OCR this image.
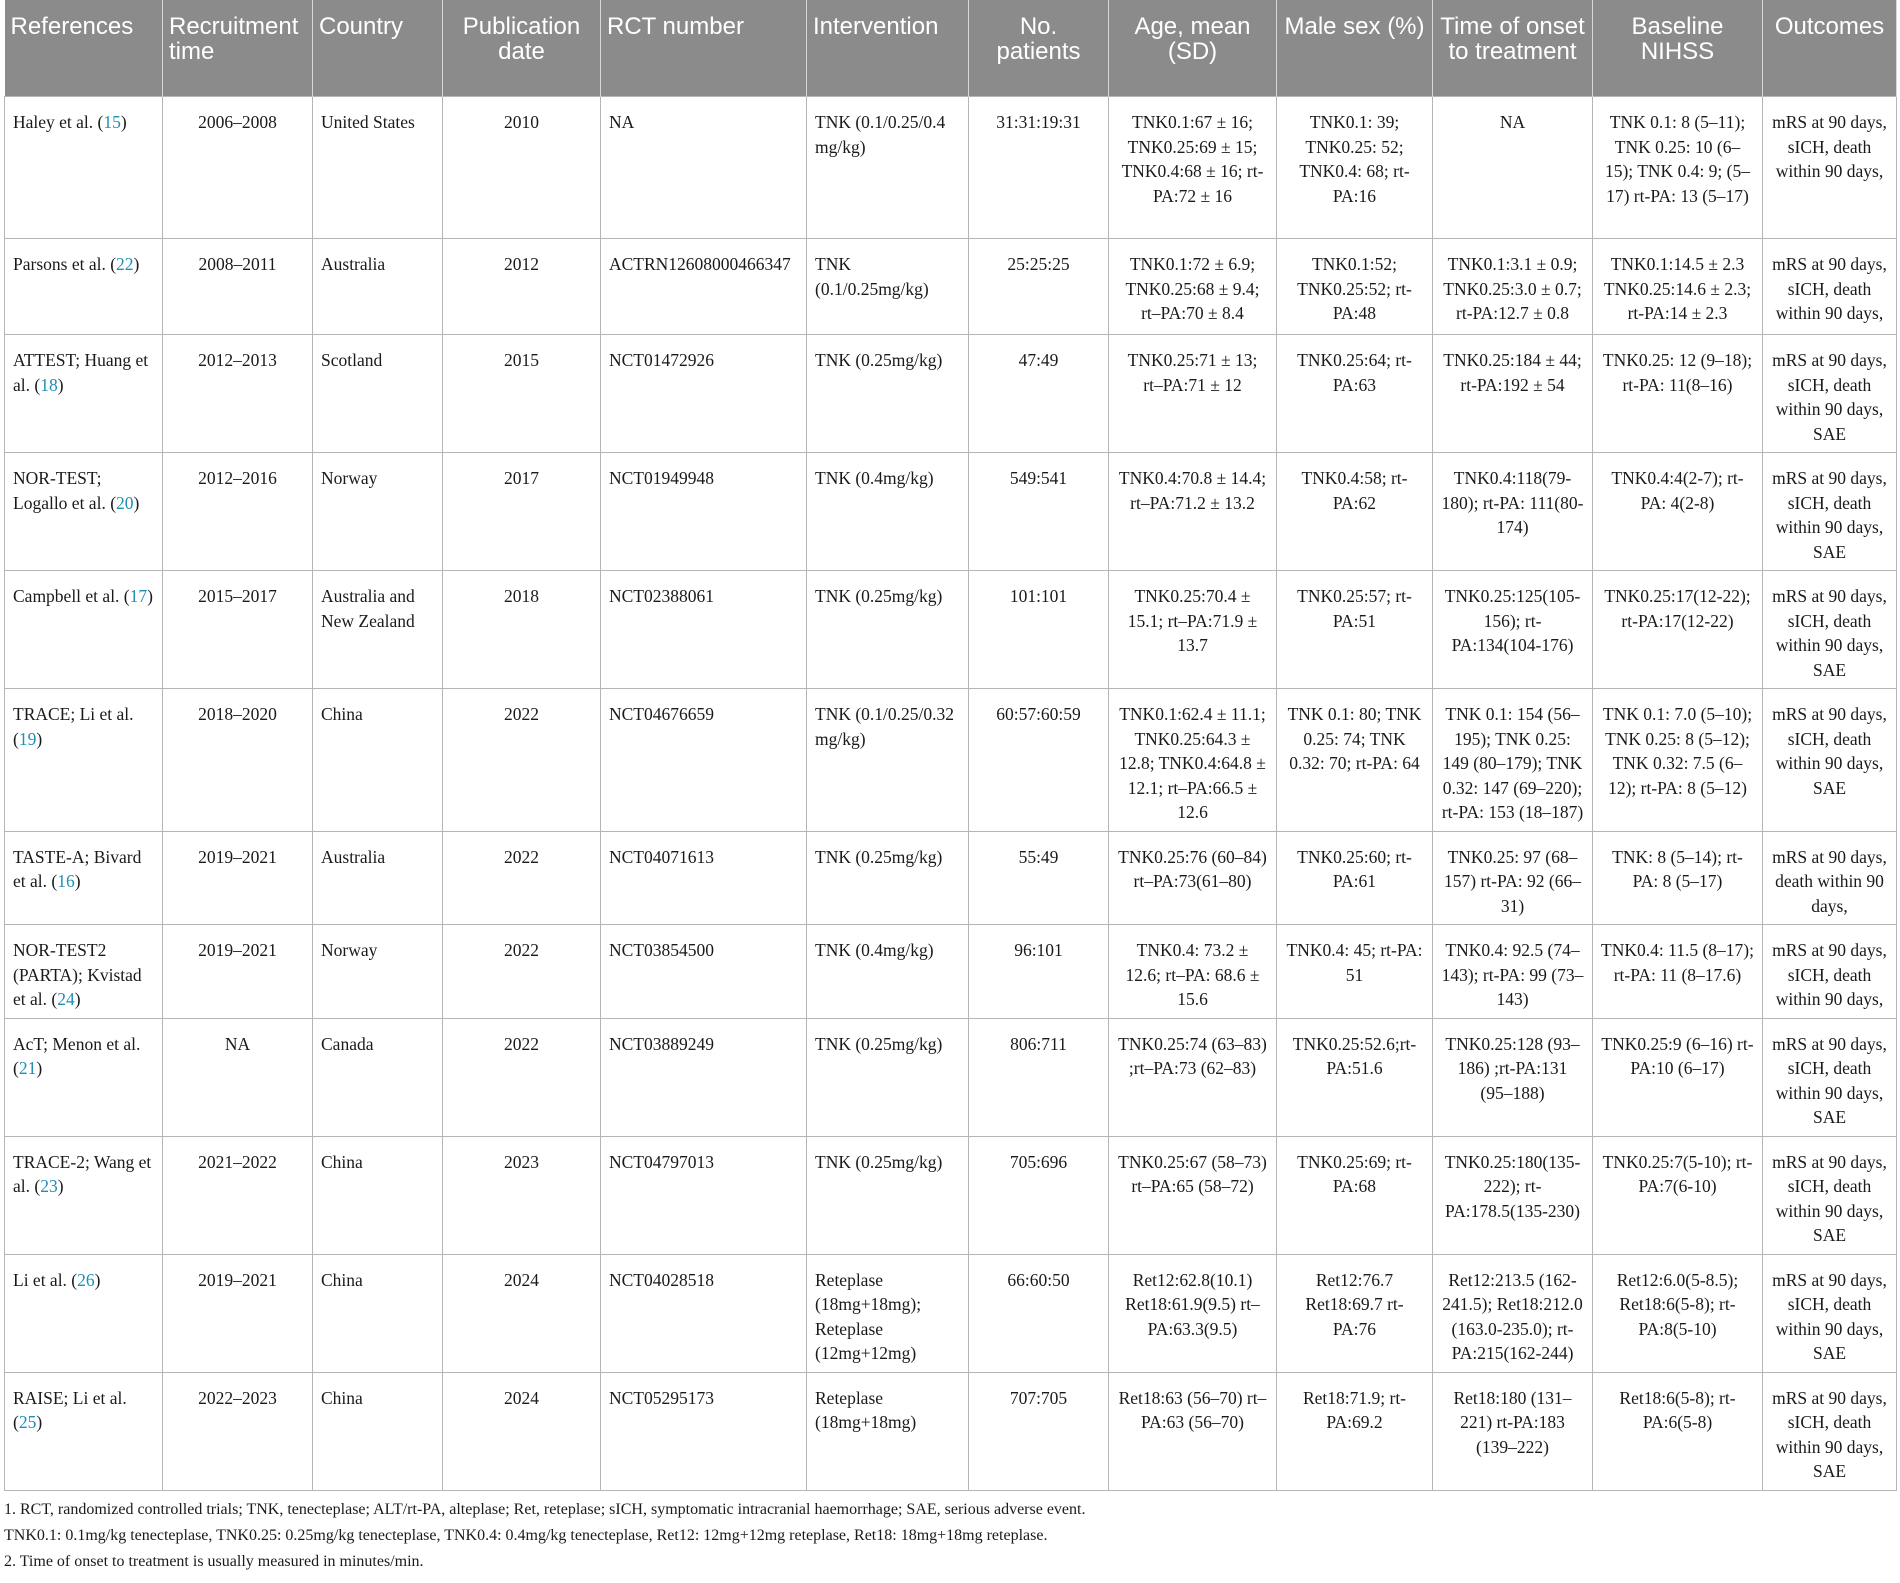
References	Recruitment time	Country	Publication date	RCT number	Intervention	No. patients	Age, mean (SD)	Male sex (%)	Time of onset to treatment	Baseline NIHSS	Outcomes
Haley et al. (15)	2006–2008	United States	2010	NA	TNK (0.1/0.25/0.4 mg/kg)	31:31:19:31	TNK0.1:67 ± 16; TNK0.25:69 ± 15; TNK0.4:68 ± 16; rt-PA:72 ± 16	TNK0.1: 39; TNK0.25: 52; TNK0.4: 68; rt-PA:16	NA	TNK 0.1: 8 (5–11); TNK 0.25: 10 (6–15); TNK 0.4: 9; (5–17) rt-PA: 13 (5–17)	mRS at 90 days, sICH, death within 90 days,
Parsons et al. (22)	2008–2011	Australia	2012	ACTRN12608000466347	TNK (0.1/0.25mg/kg)	25:25:25	TNK0.1:72 ± 6.9; TNK0.25:68 ± 9.4; rt–PA:70 ± 8.4	TNK0.1:52; TNK0.25:52; rt-PA:48	TNK0.1:3.1 ± 0.9; TNK0.25:3.0 ± 0.7; rt-PA:12.7 ± 0.8	TNK0.1:14.5 ± 2.3 TNK0.25:14.6 ± 2.3; rt-PA:14 ± 2.3	mRS at 90 days, sICH, death within 90 days,
ATTEST; Huang et al. (18)	2012–2013	Scotland	2015	NCT01472926	TNK (0.25mg/kg)	47:49	TNK0.25:71 ± 13; rt–PA:71 ± 12	TNK0.25:64; rt-PA:63	TNK0.25:184 ± 44; rt-PA:192 ± 54	TNK0.25: 12 (9–18); rt-PA: 11(8–16)	mRS at 90 days, sICH, death within 90 days, SAE
NOR-TEST; Logallo et al. (20)	2012–2016	Norway	2017	NCT01949948	TNK (0.4mg/kg)	549:541	TNK0.4:70.8 ± 14.4; rt–PA:71.2 ± 13.2	TNK0.4:58; rt-PA:62	TNK0.4:118(79-180); rt-PA: 111(80-174)	TNK0.4:4(2-7); rt-PA: 4(2-8)	mRS at 90 days, sICH, death within 90 days, SAE
Campbell et al. (17)	2015–2017	Australia and New Zealand	2018	NCT02388061	TNK (0.25mg/kg)	101:101	TNK0.25:70.4 ± 15.1; rt–PA:71.9 ± 13.7	TNK0.25:57; rt-PA:51	TNK0.25:125(105-156); rt-PA:134(104-176)	TNK0.25:17(12-22); rt-PA:17(12-22)	mRS at 90 days, sICH, death within 90 days, SAE
TRACE; Li et al. (19)	2018–2020	China	2022	NCT04676659	TNK (0.1/0.25/0.32 mg/kg)	60:57:60:59	TNK0.1:62.4 ± 11.1; TNK0.25:64.3 ± 12.8; TNK0.4:64.8 ± 12.1; rt–PA:66.5 ± 12.6	TNK 0.1: 80; TNK 0.25: 74; TNK 0.32: 70; rt-PA: 64	TNK 0.1: 154 (56–195); TNK 0.25: 149 (80–179); TNK 0.32: 147 (69–220); rt-PA: 153 (18–187)	TNK 0.1: 7.0 (5–10); TNK 0.25: 8 (5–12); TNK 0.32: 7.5 (6–12); rt-PA: 8 (5–12)	mRS at 90 days, sICH, death within 90 days, SAE
TASTE-A; Bivard et al. (16)	2019–2021	Australia	2022	NCT04071613	TNK (0.25mg/kg)	55:49	TNK0.25:76 (60–84) rt–PA:73(61–80)	TNK0.25:60; rt-PA:61	TNK0.25: 97 (68–157) rt-PA: 92 (66–31)	TNK: 8 (5–14); rt-PA: 8 (5–17)	mRS at 90 days, death within 90 days,
NOR-TEST2 (PARTA); Kvistad et al. (24)	2019–2021	Norway	2022	NCT03854500	TNK (0.4mg/kg)	96:101	TNK0.4: 73.2 ± 12.6; rt–PA: 68.6 ± 15.6	TNK0.4: 45; rt-PA: 51	TNK0.4: 92.5 (74–143); rt-PA: 99 (73–143)	TNK0.4: 11.5 (8–17); rt-PA: 11 (8–17.6)	mRS at 90 days, sICH, death within 90 days,
AcT; Menon et al. (21)	NA	Canada	2022	NCT03889249	TNK (0.25mg/kg)	806:711	TNK0.25:74 (63–83) ;rt–PA:73 (62–83)	TNK0.25:52.6;rt-PA:51.6	TNK0.25:128 (93–186) ;rt-PA:131 (95–188)	TNK0.25:9 (6–16) rt-PA:10 (6–17)	mRS at 90 days, sICH, death within 90 days, SAE
TRACE-2; Wang et al. (23)	2021–2022	China	2023	NCT04797013	TNK (0.25mg/kg)	705:696	TNK0.25:67 (58–73) rt–PA:65 (58–72)	TNK0.25:69; rt-PA:68	TNK0.25:180(135-222); rt-PA:178.5(135-230)	TNK0.25:7(5-10); rt-PA:7(6-10)	mRS at 90 days, sICH, death within 90 days, SAE
Li et al. (26)	2019–2021	China	2024	NCT04028518	Reteplase (18mg+18mg); Reteplase (12mg+12mg)	66:60:50	Ret12:62.8(10.1) Ret18:61.9(9.5) rt–PA:63.3(9.5)	Ret12:76.7 Ret18:69.7 rt-PA:76	Ret12:213.5 (162-241.5); Ret18:212.0 (163.0-235.0); rt-PA:215(162-244)	Ret12:6.0(5-8.5); Ret18:6(5-8); rt-PA:8(5-10)	mRS at 90 days, sICH, death within 90 days, SAE
RAISE; Li et al. (25)	2022–2023	China	2024	NCT05295173	Reteplase (18mg+18mg)	707:705	Ret18:63 (56–70) rt–PA:63 (56–70)	Ret18:71.9; rt-PA:69.2	Ret18:180 (131–221) rt-PA:183 (139–222)	Ret18:6(5-8); rt-PA:6(5-8)	mRS at 90 days, sICH, death within 90 days, SAE
1. RCT, randomized controlled trials; TNK, tenecteplase; ALT/rt-PA, alteplase; Ret, reteplase; sICH, symptomatic intracranial haemorrhage; SAE, serious adverse event.
TNK0.1: 0.1mg/kg tenecteplase, TNK0.25: 0.25mg/kg tenecteplase, TNK0.4: 0.4mg/kg tenecteplase, Ret12: 12mg+12mg reteplase, Ret18: 18mg+18mg reteplase.
2. Time of onset to treatment is usually measured in minutes/min.
